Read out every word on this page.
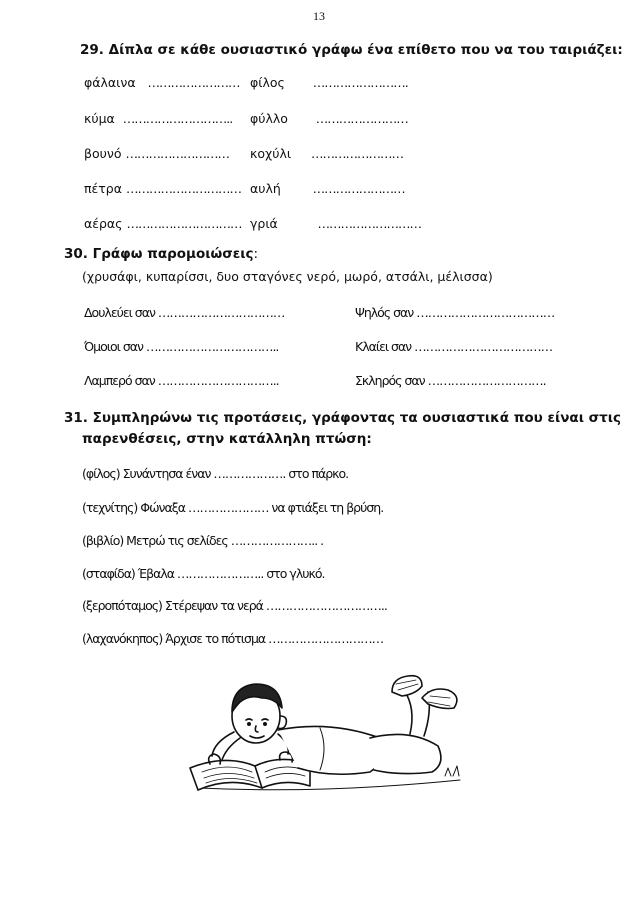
13
29. Δίπλα σε κάθε ουσιαστικό γράφω ένα επίθετο που να του ταιριάζει:
φάλαινα …………………… φίλος …………………….
κύμα ……………………….. φύλλο ……………………
βουνό ……………………… κοχύλι ……………………
πέτρα ………………………… αυλή	……………………
αέρας ………………………… γριά	………………………
30. Γράφω παρομοιώσεις:
(χρυσάφι, κυπαρίσσι, δυο σταγόνες νερό, μωρό, ατσάλι, μέλισσα)
Δουλεύει σαν ……………………………	Ψηλός σαν ………………………………
Όμοιοι σαν ……………………………..	Κλαίει σαν ………………………………
Λαμπερό σαν …………………………..	Σκληρός σαν ………………………….
31. Συμπληρώνω τις προτάσεις, γράφοντας τα ουσιαστικά που είναι στις
παρενθέσεις, στην κατάλληλη πτώση:
(φίλος) Συνάντησα έναν ………………. στο πάρκο.
(τεχνίτης) Φώναξα ………………… να φτιάξει τη βρύση.
(βιβλίο) Μετρώ τις σελίδες ………………….. .
(σταφίδα) Έβαλα ………………….. στο γλυκό.
(ξεροπόταμος) Στέρεψαν τα νερά …………………………..
(λαχανόκηπος) Άρχισε το πότισμα …………………………
